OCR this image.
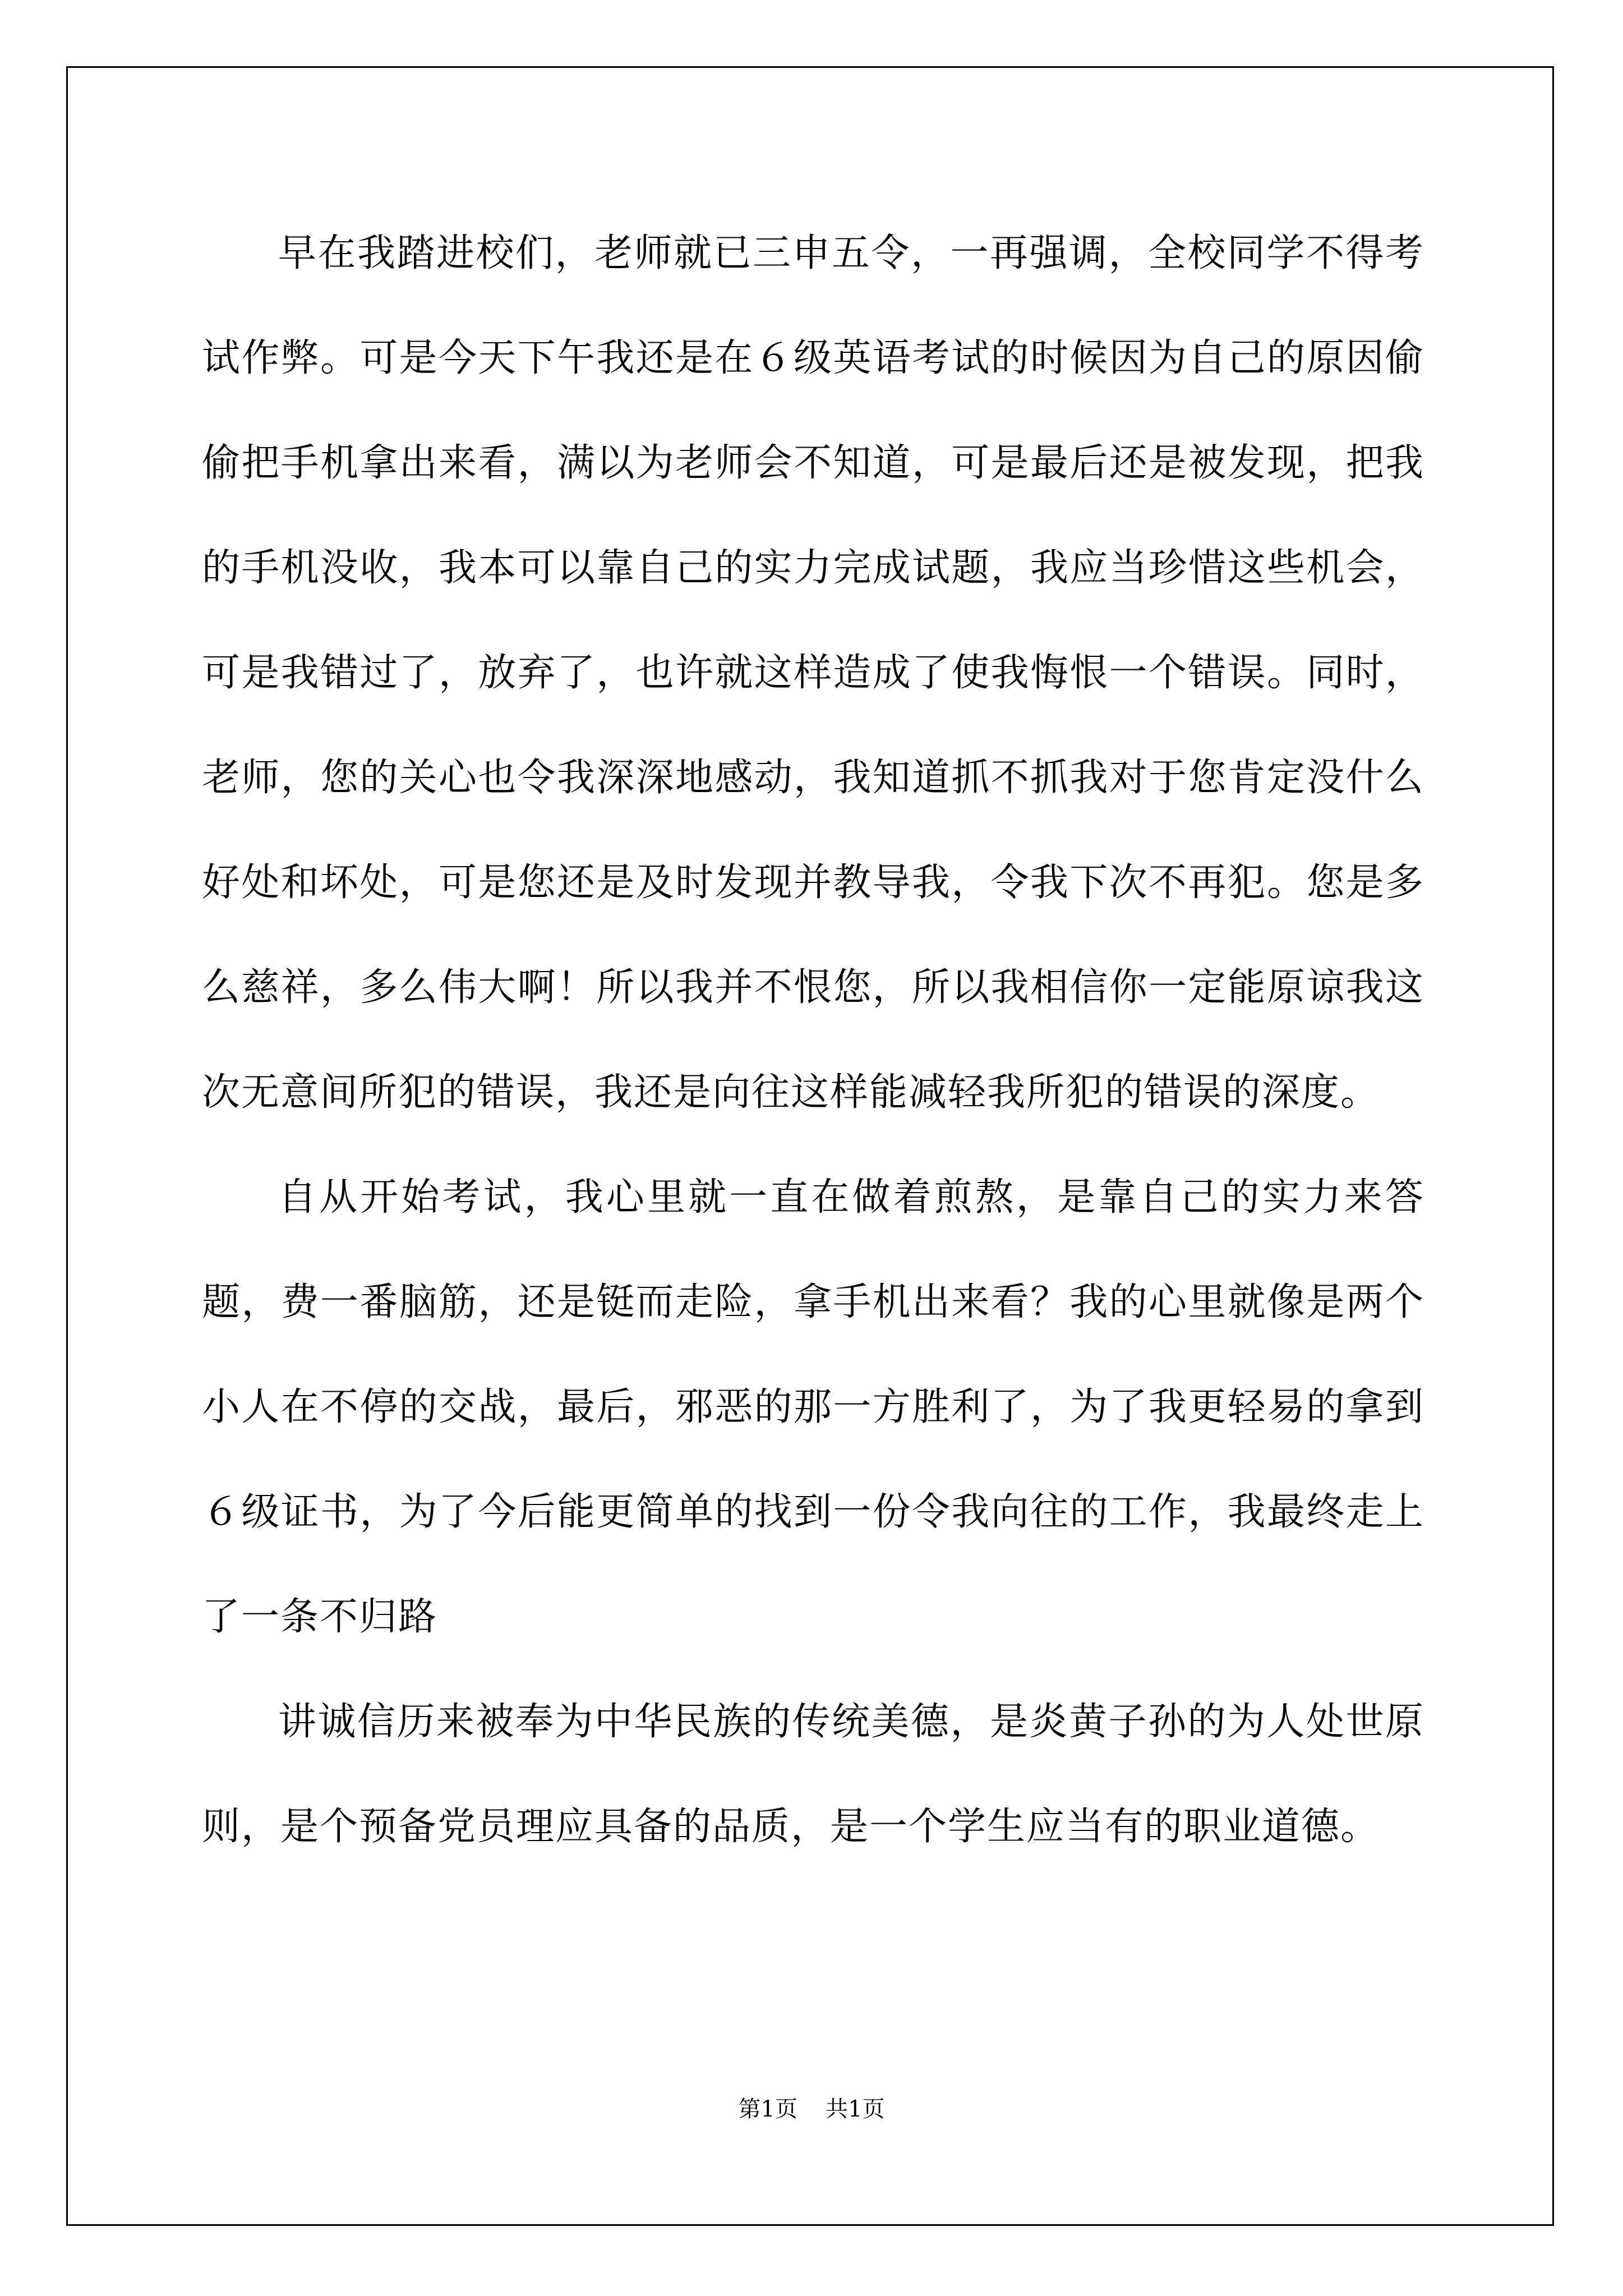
早在我踏进校们，老师就已三申五令，一再强调，全校同学不得考试作弊。可是今天下午我还是在６级英语考试的时候因为自己的原因偷偷把手机拿出来看，满以为老师会不知道，可是最后还是被发现，把我的手机没收，我本可以靠自己的实力完成试题，我应当珍惜这些机会，可是我错过了，放弃了，也许就这样造成了使我悔恨一个错误。同时，老师，您的关心也令我深深地感动，我知道抓不抓我对于您肯定没什么好处和坏处，可是您还是及时发现并教导我，令我下次不再犯。您是多么慈祥，多么伟大啊！所以我并不恨您，所以我相信你一定能原谅我这次无意间所犯的错误，我还是向往这样能减轻我所犯的错误的深度。

自从开始考试，我心里就一直在做着煎熬，是靠自己的实力来答题，费一番脑筋，还是铤而走险，拿手机出来看？我的心里就像是两个小人在不停的交战，最后，邪恶的那一方胜利了，为了我更轻易的拿到６级证书，为了今后能更简单的找到一份令我向往的工作，我最终走上了一条不归路

讲诚信历来被奉为中华民族的传统美德，是炎黄子孙的为人处世原则，是个预备党员理应具备的品质，是一个学生应当有的职业道德。

第1页 共1页
